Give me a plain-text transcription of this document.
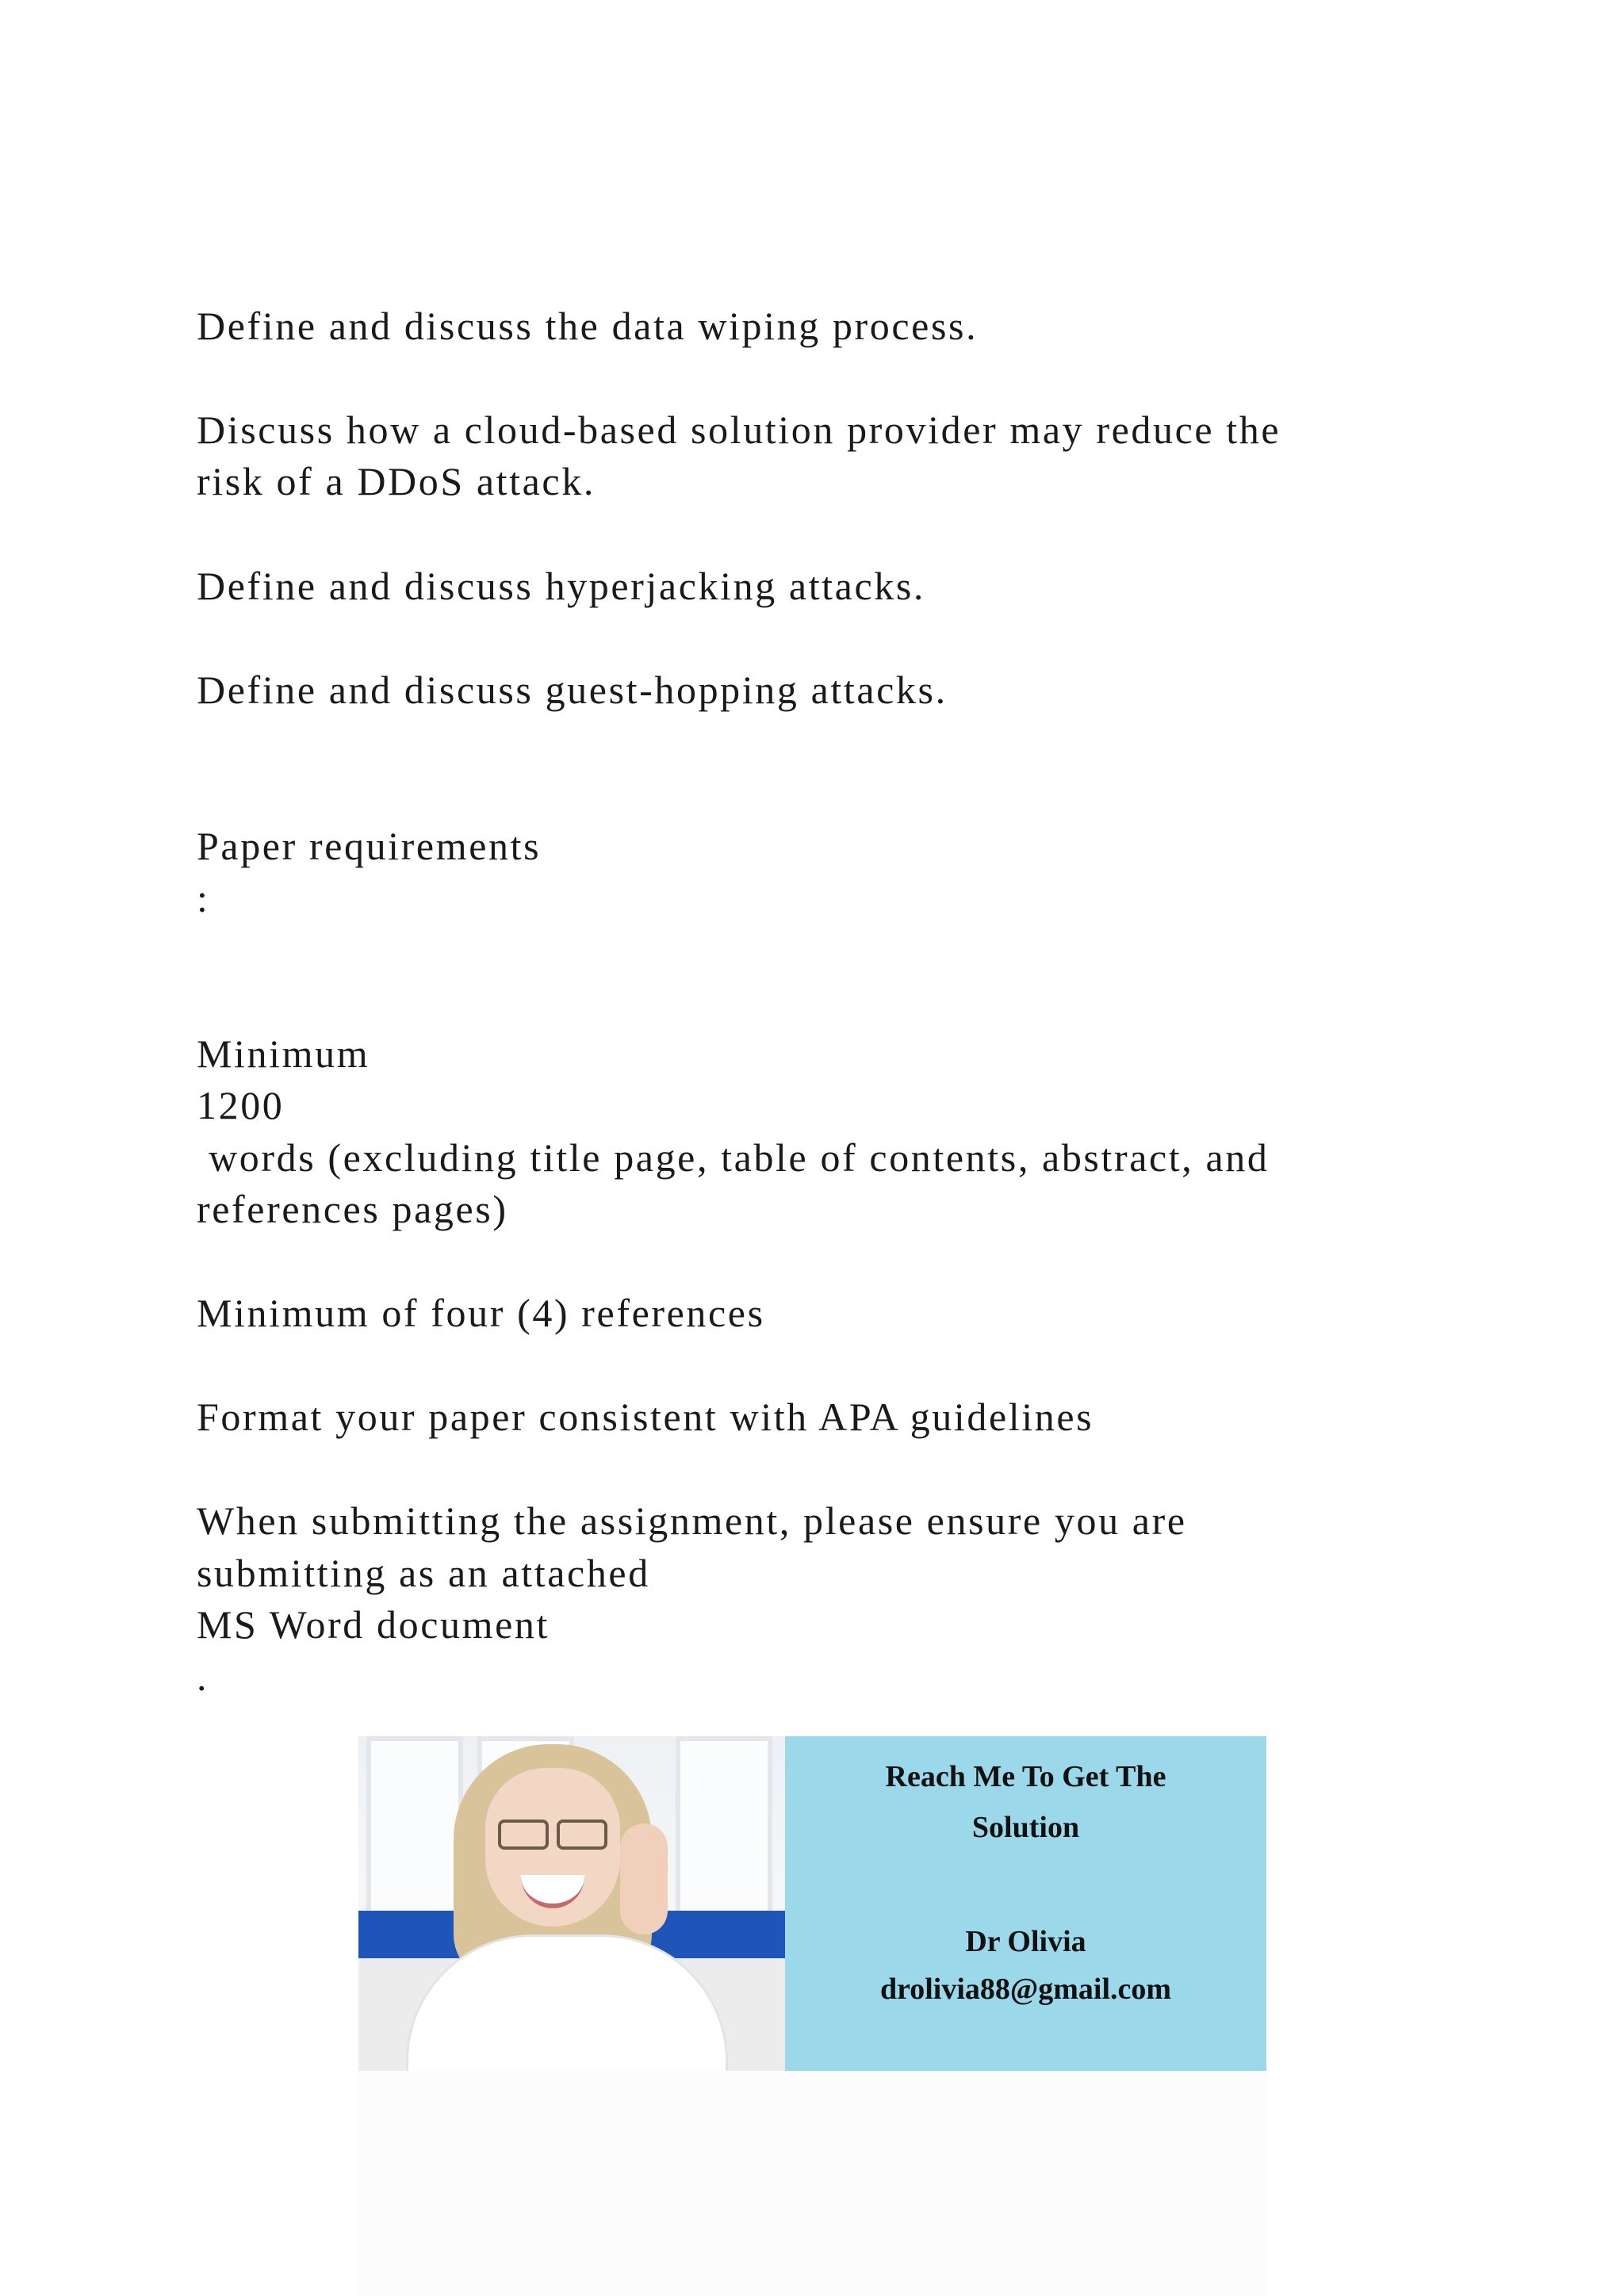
Define and discuss the data wiping process.
Discuss how a cloud-based solution provider may reduce the
risk of a DDoS attack.
Define and discuss hyperjacking attacks.
Define and discuss guest-hopping attacks.
Paper requirements
:
Minimum
1200
words (excluding title page, table of contents, abstract, and
references pages)
Minimum of four (4) references
Format your paper consistent with APA guidelines
When submitting the assignment, please ensure you are
submitting as an attached
MS Word document
.
Reach Me To Get The
Solution
Dr Olivia
drolivia88@gmail.com
